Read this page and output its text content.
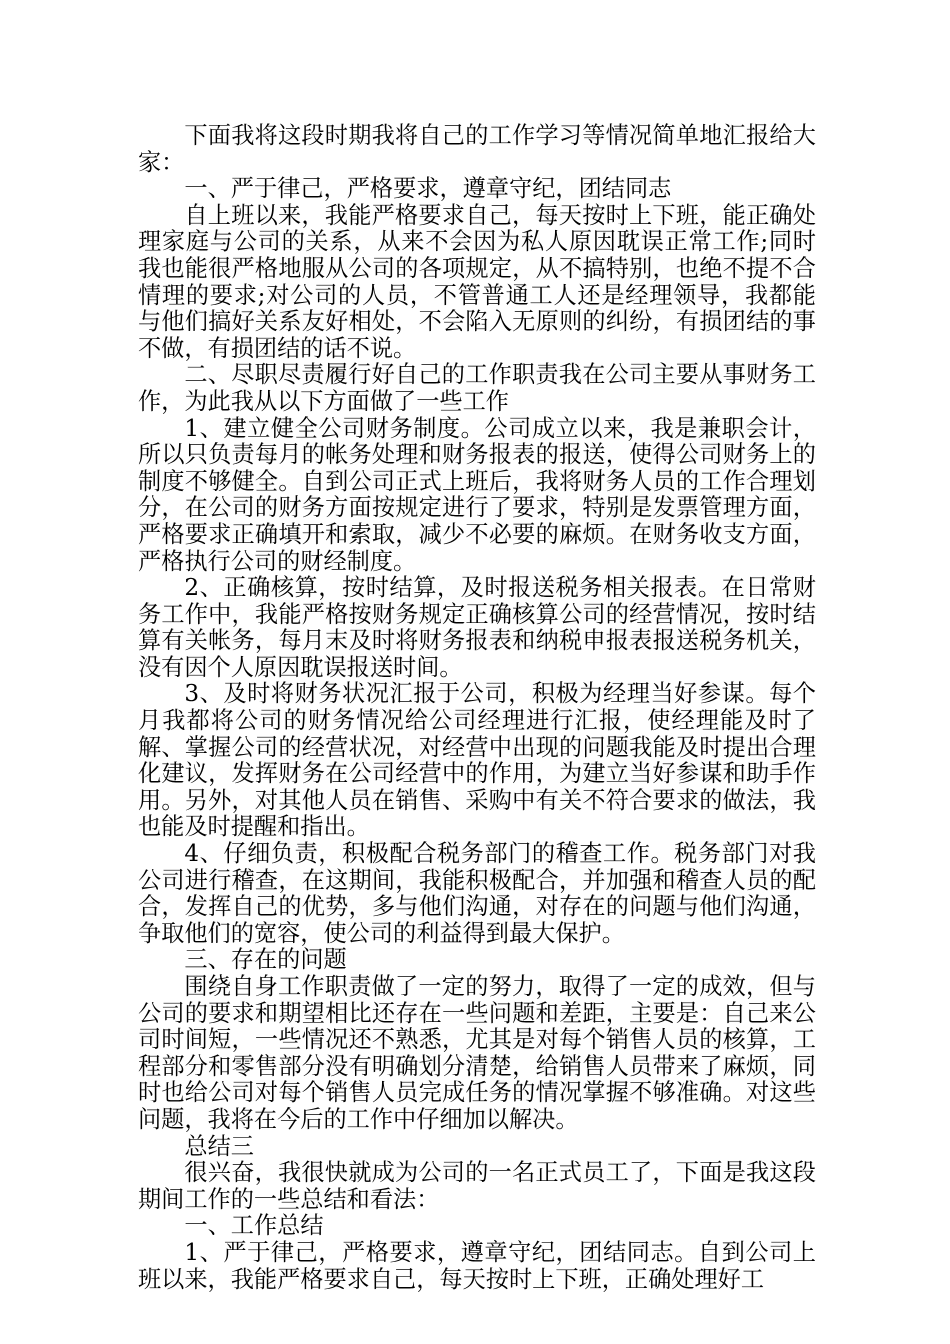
下面我将这段时期我将自己的工作学习等情况简单地汇报给大家：

一、严于律己，严格要求，遵章守纪，团结同志

自上班以来，我能严格要求自己，每天按时上下班，能正确处理家庭与公司的关系，从来不会因为私人原因耽误正常工作;同时我也能很严格地服从公司的各项规定，从不搞特别，也绝不提不合情理的要求;对公司的人员，不管普通工人还是经理领导，我都能与他们搞好关系友好相处，不会陷入无原则的纠纷，有损团结的事不做，有损团结的话不说。

二、尽职尽责履行好自己的工作职责我在公司主要从事财务工作，为此我从以下方面做了一些工作

1、建立健全公司财务制度。公司成立以来，我是兼职会计，所以只负责每月的帐务处理和财务报表的报送，使得公司财务上的制度不够健全。自到公司正式上班后，我将财务人员的工作合理划分，在公司的财务方面按规定进行了要求，特别是发票管理方面，严格要求正确填开和索取，减少不必要的麻烦。在财务收支方面，严格执行公司的财经制度。

2、正确核算，按时结算，及时报送税务相关报表。在日常财务工作中，我能严格按财务规定正确核算公司的经营情况，按时结算有关帐务，每月末及时将财务报表和纳税申报表报送税务机关，没有因个人原因耽误报送时间。

3、及时将财务状况汇报于公司，积极为经理当好参谋。每个月我都将公司的财务情况给公司经理进行汇报，使经理能及时了解、掌握公司的经营状况，对经营中出现的问题我能及时提出合理化建议，发挥财务在公司经营中的作用，为建立当好参谋和助手作用。另外，对其他人员在销售、采购中有关不符合要求的做法，我也能及时提醒和指出。

4、仔细负责，积极配合税务部门的稽查工作。税务部门对我公司进行稽查，在这期间，我能积极配合，并加强和稽查人员的配合，发挥自己的优势，多与他们沟通，对存在的问题与他们沟通，争取他们的宽容，使公司的利益得到最大保护。

三、存在的问题

围绕自身工作职责做了一定的努力，取得了一定的成效，但与公司的要求和期望相比还存在一些问题和差距，主要是：自己来公司时间短，一些情况还不熟悉，尤其是对每个销售人员的核算，工程部分和零售部分没有明确划分清楚，给销售人员带来了麻烦，同时也给公司对每个销售人员完成任务的情况掌握不够准确。对这些问题，我将在今后的工作中仔细加以解决。

总结三

很兴奋，我很快就成为公司的一名正式员工了，下面是我这段期间工作的一些总结和看法：

一、工作总结

1、严于律己，严格要求，遵章守纪，团结同志。自到公司上班以来，我能严格要求自己，每天按时上下班，正确处理好工
